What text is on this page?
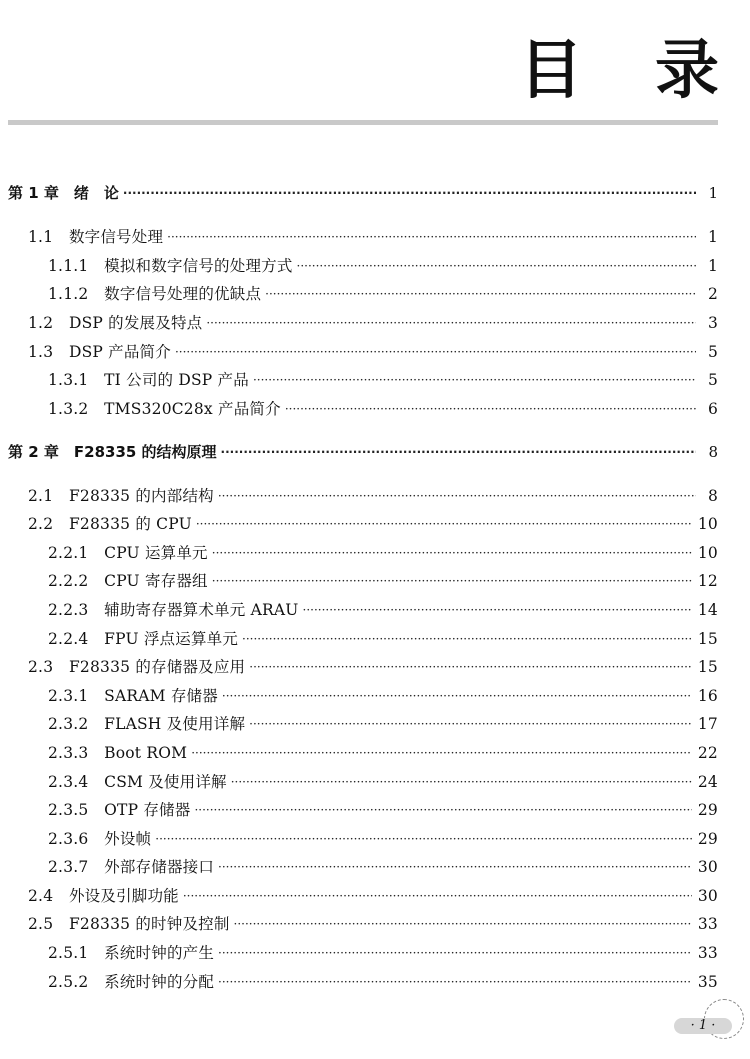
目 录
第 1 章　绪　论 ·····	1
1.1　数字信号处理 ·····	1
1.1.1　模拟和数字信号的处理方式 ·····	1
1.1.2　数字信号处理的优缺点 ·····	2
1.2　DSP 的发展及特点 ·····	3
1.3　DSP 产品简介 ·····	5
1.3.1　TI 公司的 DSP 产品 ·····	5
1.3.2　TMS320C28x 产品简介 ·····	6
第 2 章　F28335 的结构原理 ·····	8
2.1　F28335 的内部结构 ·····	8
2.2　F28335 的 CPU ·····	10
2.2.1　CPU 运算单元 ·····	10
2.2.2　CPU 寄存器组 ·····	12
2.2.3　辅助寄存器算术单元 ARAU ·····	14
2.2.4　FPU 浮点运算单元 ·····	15
2.3　F28335 的存储器及应用 ·····	15
2.3.1　SARAM 存储器 ·····	16
2.3.2　FLASH 及使用详解 ·····	17
2.3.3　Boot ROM ·····	22
2.3.4　CSM 及使用详解 ·····	24
2.3.5　OTP 存储器 ·····	29
2.3.6　外设帧 ·····	29
2.3.7　外部存储器接口 ·····	30
2.4　外设及引脚功能 ·····	30
2.5　F28335 的时钟及控制 ·····	33
2.5.1　系统时钟的产生 ·····	33
2.5.2　系统时钟的分配 ·····	35
· 1 ·
